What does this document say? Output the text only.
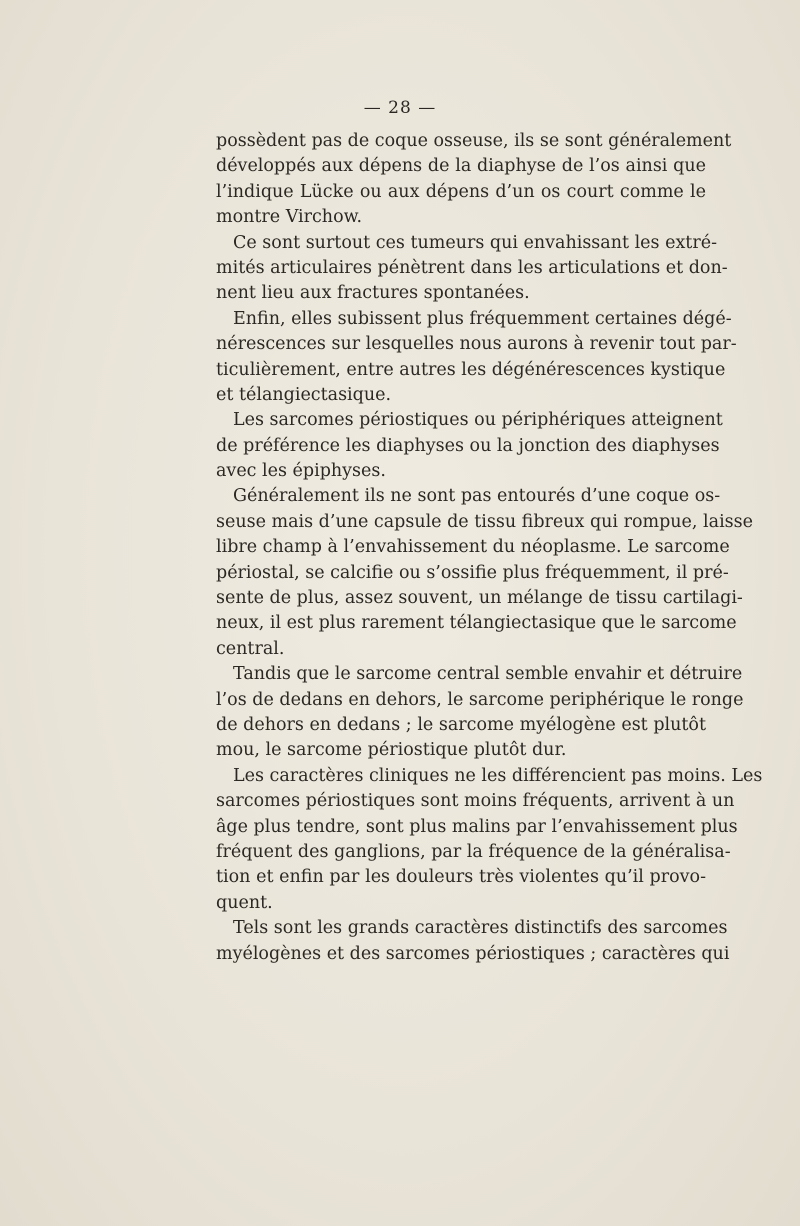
— 28 —
possèdent pas de coque osseuse, ils se sont généralement
développés aux dépens de la diaphyse de l’os ainsi que
l’indique Lücke ou aux dépens d’un os court comme le
montre Virchow.
Ce sont surtout ces tumeurs qui envahissant les extré-
mités articulaires pénètrent dans les articulations et don-
nent lieu aux fractures spontanées.
Enfin, elles subissent plus fréquemment certaines dégé-
nérescences sur lesquelles nous aurons à revenir tout par-
ticulièrement, entre autres les dégénérescences kystique
et télangiectasique.
Les sarcomes périostiques ou périphériques atteignent
de préférence les diaphyses ou la jonction des diaphyses
avec les épiphyses.
Généralement ils ne sont pas entourés d’une coque os-
seuse mais d’une capsule de tissu fibreux qui rompue, laisse
libre champ à l’envahissement du néoplasme. Le sarcome
périostal, se calcifie ou s’ossifie plus fréquemment, il pré-
sente de plus, assez souvent, un mélange de tissu cartilagi-
neux, il est plus rarement télangiectasique que le sarcome
central.
Tandis que le sarcome central semble envahir et détruire
l’os de dedans en dehors, le sarcome periphérique le ronge
de dehors en dedans ; le sarcome myélogène est plutôt
mou, le sarcome périostique plutôt dur.
Les caractères cliniques ne les différencient pas moins. Les
sarcomes périostiques sont moins fréquents, arrivent à un
âge plus tendre, sont plus malins par l’envahissement plus
fréquent des ganglions, par la fréquence de la généralisa-
tion et enfin par les douleurs très violentes qu’il provo-
quent.
Tels sont les grands caractères distinctifs des sarcomes
myélogènes et des sarcomes périostiques ; caractères qui
